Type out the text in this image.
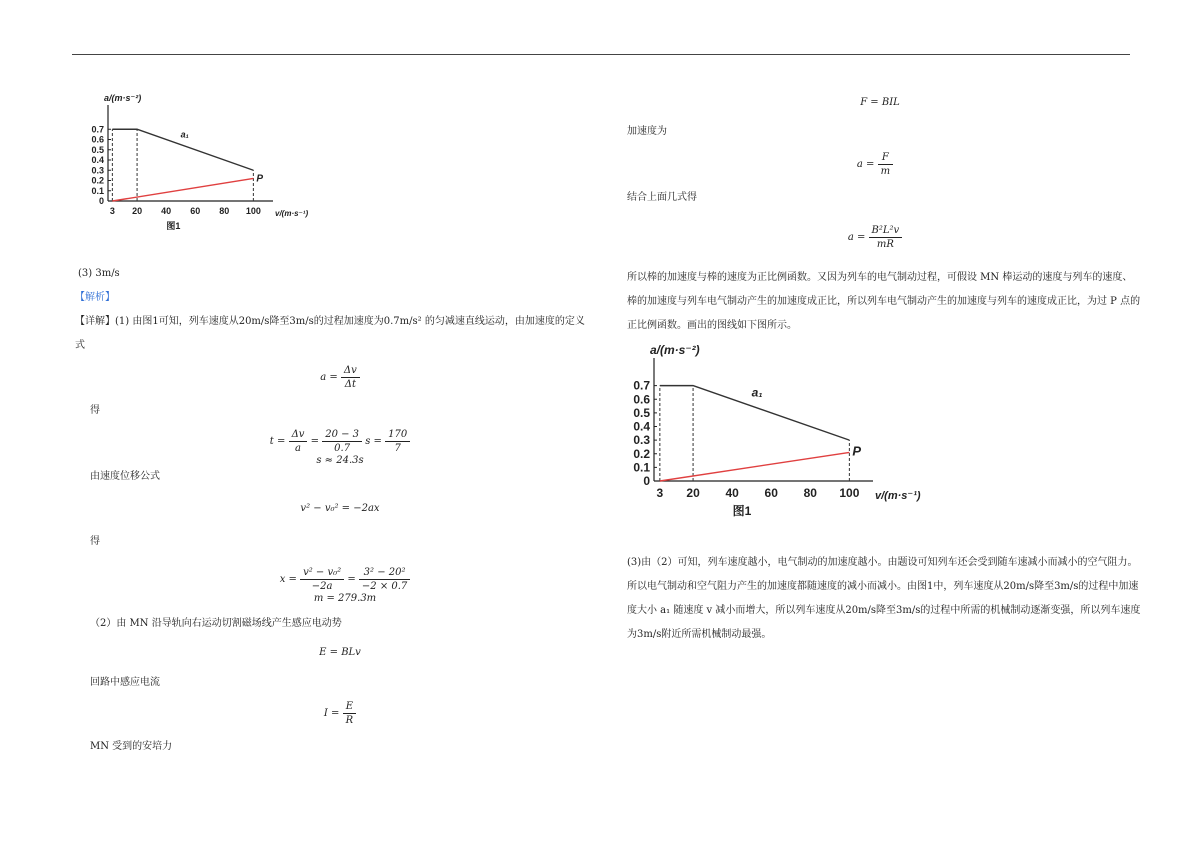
a/(m·s⁻²)
v/(m·s⁻¹)
0
0.1
0.2
0.3
0.4
0.5
0.6
0.7
3 20 40 60 80 100
a₁
P
图1
(3) 3m/s
【解析】
【详解】(1) 由图1可知，列车速度从20m/s降至3m/s的过程加速度为0.7m/s² 的匀减速直线运动，由加速度的定义式
$a = \frac{\Delta v}{\Delta t}$
得
$t = \frac{\Delta v}{a} = \frac{20 - 3}{0.7}$ $s = \frac{170}{7}$
s ≈ 24.3s
由速度位移公式
v² − v₀² = −2ax
得
$x = \frac{\text{v² − v₀²}}{-2a} = \frac{\text{3² − 20²}}{-2 \times 0.7}$
m = 279.3m
（2）由 MN 沿导轨向右运动切割磁场线产生感应电动势
E = BLv
回路中感应电流
$I = \frac{E}{R}$
MN 受到的安培力
F = BIL
加速度为
$a = \frac{F}{m}$
结合上面几式得
$a = \frac{\text{B²L²v}}{mR}$
所以棒的加速度与棒的速度为正比例函数。又因为列车的电气制动过程，可假设 MN 棒运动的速度与列车的速度、棒的加速度与列车电气制动产生的加速度成正比，所以列车电气制动产生的加速度与列车的速度成正比，为过 P 点的正比例函数。画出的图线如下图所示。
a/(m·s⁻²)
v/(m·s⁻¹)
0
0.1
0.2
0.3
0.4
0.5
0.6
0.7
3 20 40 60 80 100
a₁
P
图1
(3)由（2）可知，列车速度越小，电气制动的加速度越小。由题设可知列车还会受到随车速减小而减小的空气阻力。所以电气制动和空气阻力产生的加速度都随速度的减小而减小。由图1中，列车速度从20m/s降至3m/s的过程中加速度大小 a₁ 随速度 v 减小而增大，所以列车速度从20m/s降至3m/s的过程中所需的机械制动逐渐变强，所以列车速度为3m/s附近所需机械制动最强。
